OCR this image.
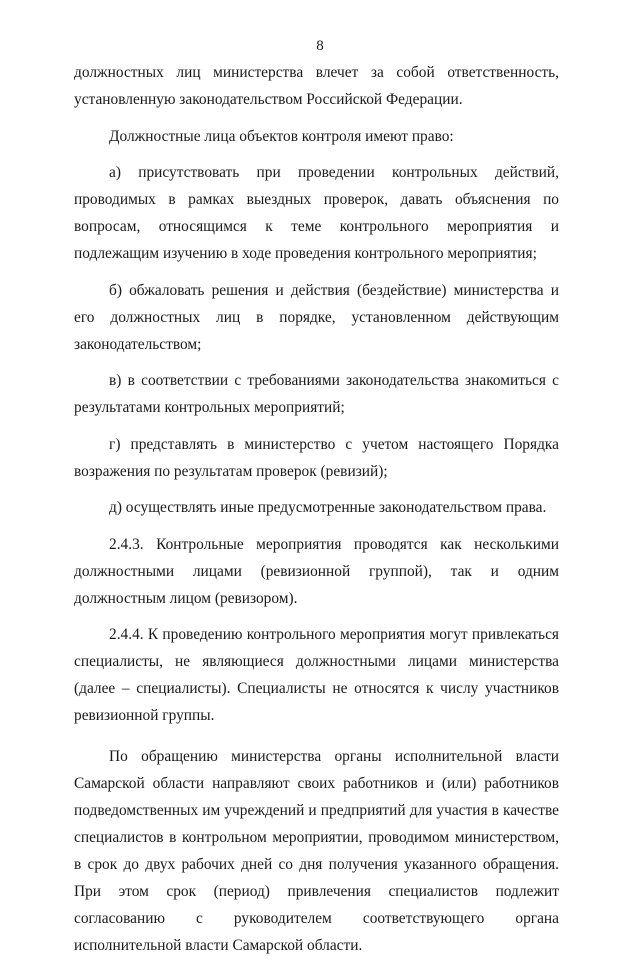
8

должностных лиц министерства влечет за собой ответственность, установленную законодательством Российской Федерации.

Должностные лица объектов контроля имеют право:

а) присутствовать при проведении контрольных действий, проводимых в рамках выездных проверок, давать объяснения по вопросам, относящимся к теме контрольного мероприятия и подлежащим изучению в ходе проведения контрольного мероприятия;

б) обжаловать решения и действия (бездействие) министерства и его должностных лиц в порядке, установленном действующим законодательством;

в) в соответствии с требованиями законодательства знакомиться с результатами контрольных мероприятий;

г) представлять в министерство с учетом настоящего Порядка возражения по результатам проверок (ревизий);

д) осуществлять иные предусмотренные законодательством права.

2.4.3. Контрольные мероприятия проводятся как несколькими должностными лицами (ревизионной группой), так и одним должностным лицом (ревизором).

2.4.4. К проведению контрольного мероприятия могут привлекаться специалисты, не являющиеся должностными лицами министерства (далее – специалисты). Специалисты не относятся к числу участников ревизионной группы.

По обращению министерства органы исполнительной власти Самарской области направляют своих работников и (или) работников подведомственных им учреждений и предприятий для участия в качестве специалистов в контрольном мероприятии, проводимом министерством, в срок до двух рабочих дней со дня получения указанного обращения. При этом срок (период) привлечения специалистов подлежит согласованию с руководителем соответствующего органа исполнительной власти Самарской области.
